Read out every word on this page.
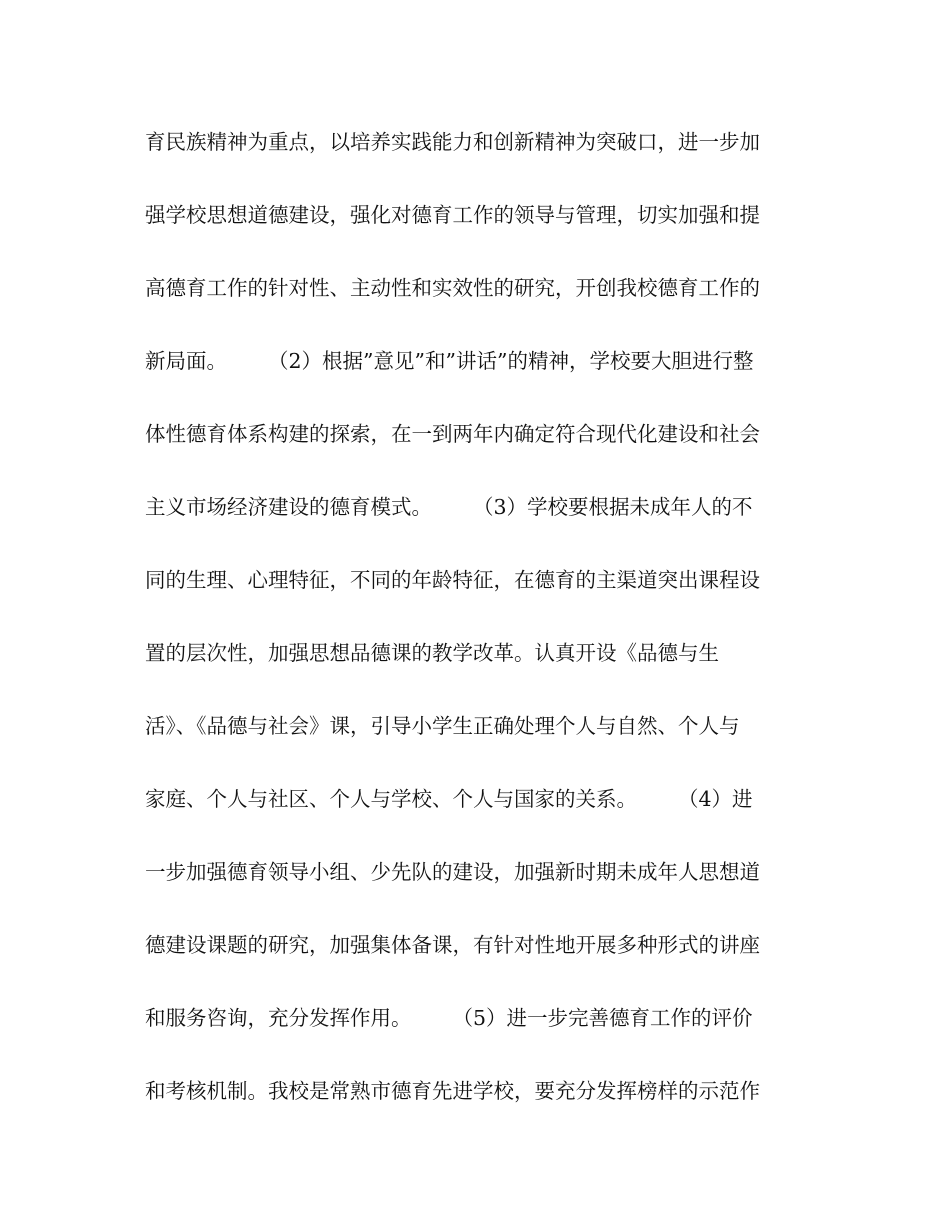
育民族精神为重点，以培养实践能力和创新精神为突破口，进一步加
强学校思想道德建设，强化对德育工作的领导与管理，切实加强和提
高德育工作的针对性、主动性和实效性的研究，开创我校德育工作的
新局面。　　　（2）根据”意见”和”讲话”的精神，学校要大胆进行整
体性德育体系构建的探索，在一到两年内确定符合现代化建设和社会
主义市场经济建设的德育模式。　　　（3）学校要根据未成年人的不
同的生理、心理特征，不同的年龄特征，在德育的主渠道突出课程设
置的层次性，加强思想品德课的教学改革。认真开设《品德与生
活》、《品德与社会》课，引导小学生正确处理个人与自然、个人与
家庭、个人与社区、个人与学校、个人与国家的关系。　　　（4）进
一步加强德育领导小组、少先队的建设，加强新时期未成年人思想道
德建设课题的研究，加强集体备课，有针对性地开展多种形式的讲座
和服务咨询，充分发挥作用。　　　（5）进一步完善德育工作的评价
和考核机制。我校是常熟市德育先进学校，要充分发挥榜样的示范作
